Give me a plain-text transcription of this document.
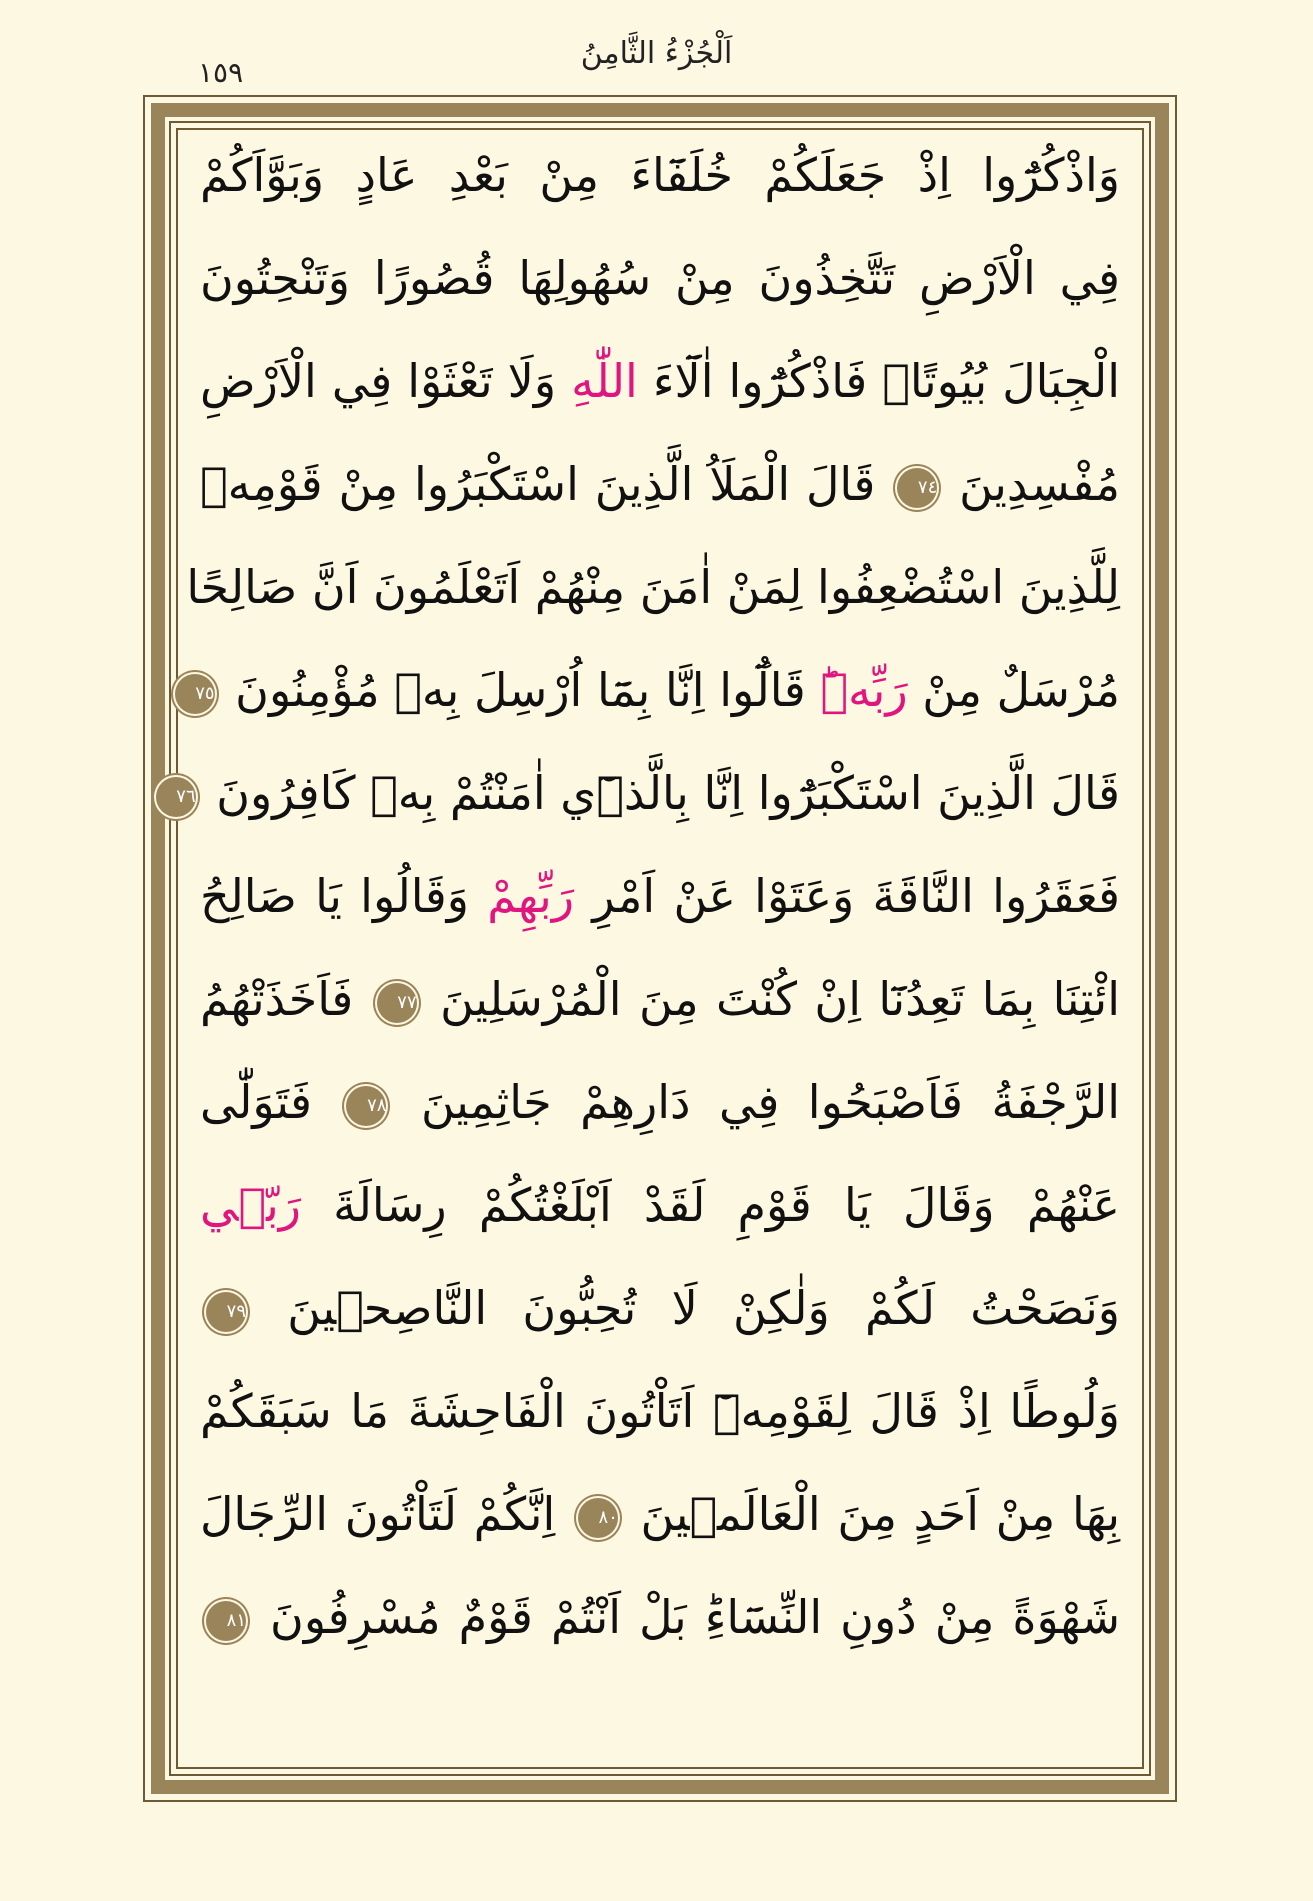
اَلْجُزْءُ الثَّامِنُ
١٥٩
وَاذْكُرُٓوا اِذْ جَعَلَكُمْ خُلَفَٓاءَ مِنْ بَعْدِ عَادٍ وَبَوَّاَكُمْ
فِي الْاَرْضِ تَتَّخِذُونَ مِنْ سُهُولِهَا قُصُورًا وَتَنْحِتُونَ
الْجِبَالَ بُيُوتًاۚ فَاذْكُرُٓوا اٰلَٓاءَ اللّٰهِ وَلَا تَعْثَوْا فِي الْاَرْضِ
مُفْسِدِينَ ٧٤ قَالَ الْمَلَاُ الَّذِينَ اسْتَكْبَرُوا مِنْ قَوْمِه۪
لِلَّذِينَ اسْتُضْعِفُوا لِمَنْ اٰمَنَ مِنْهُمْ اَتَعْلَمُونَ اَنَّ صَالِحًا
مُرْسَلٌ مِنْ رَبِّه۪ؕ قَالُٓوا اِنَّا بِمَٓا اُرْسِلَ بِه۪ مُؤْمِنُونَ ٧٥
قَالَ الَّذِينَ اسْتَكْبَرُٓوا اِنَّا بِالَّذ۪ٓي اٰمَنْتُمْ بِه۪ كَافِرُونَ ٧٦
فَعَقَرُوا النَّاقَةَ وَعَتَوْا عَنْ اَمْرِ رَبِّهِمْ وَقَالُوا يَا صَالِحُ
ائْتِنَا بِمَا تَعِدُنَٓا اِنْ كُنْتَ مِنَ الْمُرْسَلِينَ ٧٧ فَاَخَذَتْهُمُ
الرَّجْفَةُ فَاَصْبَحُوا فِي دَارِهِمْ جَاثِمِينَ ٧٨ فَتَوَلّٰى
عَنْهُمْ وَقَالَ يَا قَوْمِ لَقَدْ اَبْلَغْتُكُمْ رِسَالَةَ رَبّ۪ي
وَنَصَحْتُ لَكُمْ وَلٰكِنْ لَا تُحِبُّونَ النَّاصِح۪ينَ ٧٩
وَلُوطًا اِذْ قَالَ لِقَوْمِه۪ٓ اَتَاْتُونَ الْفَاحِشَةَ مَا سَبَقَكُمْ
بِهَا مِنْ اَحَدٍ مِنَ الْعَالَم۪ينَ ٨٠ اِنَّكُمْ لَتَاْتُونَ الرِّجَالَ
شَهْوَةً مِنْ دُونِ النِّسَٓاءِؕ بَلْ اَنْتُمْ قَوْمٌ مُسْرِفُونَ ٨١
